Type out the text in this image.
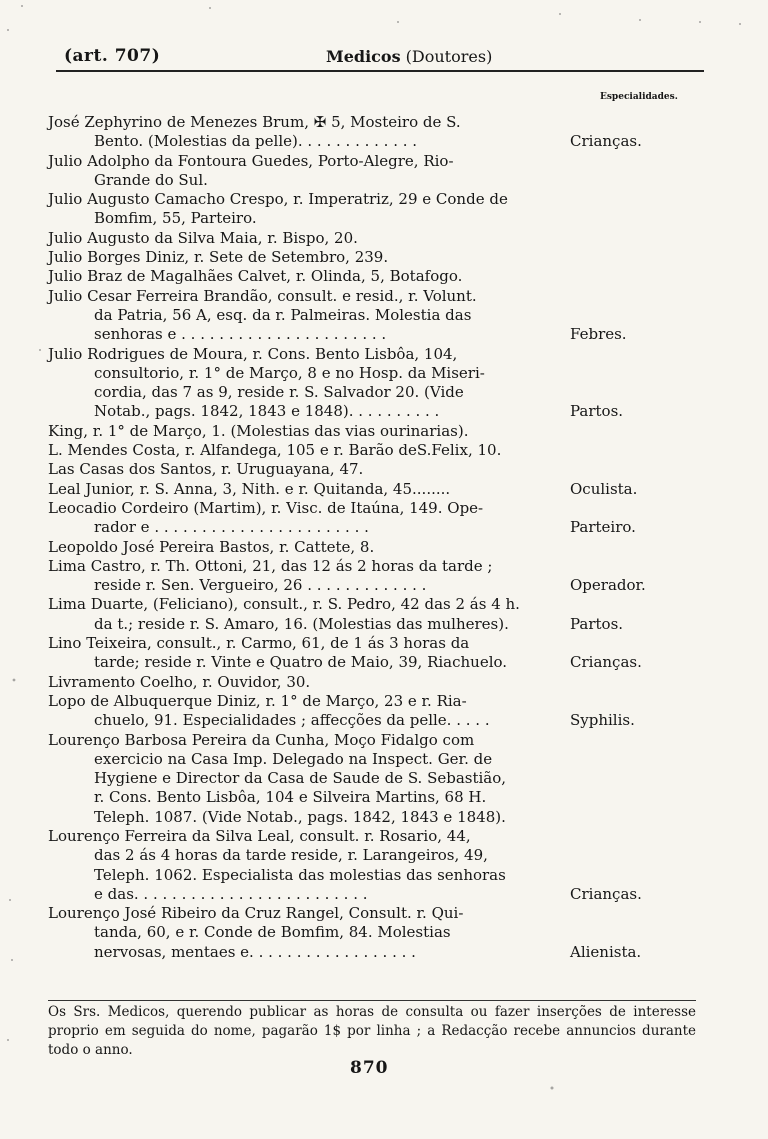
(art. 707)	Medicos (Doutores)
Especialidades.
José Zephyrino de Menezes Brum, ✠ 5, Mosteiro de S.
Bento. (Molestias da pelle). . . . . . . . . . . . .	Crianças.
Julio Adolpho da Fontoura Guedes, Porto-Alegre, Rio-
Grande do Sul.
Julio Augusto Camacho Crespo, r. Imperatriz, 29 e Conde de
Bomfim, 55, Parteiro.
Julio Augusto da Silva Maia, r. Bispo, 20.
Julio Borges Diniz, r. Sete de Setembro, 239.
Julio Braz de Magalhães Calvet, r. Olinda, 5, Botafogo.
Julio Cesar Ferreira Brandão, consult. e resid., r. Volunt.
da Patria, 56 A, esq. da r. Palmeiras. Molestia das
senhoras e . . . . . . . . . . . . . . . . . . . . . .	Febres.
Julio Rodrigues de Moura, r. Cons. Bento Lisbôa, 104,
consultorio, r. 1° de Março, 8 e no Hosp. da Miseri-
cordia, das 7 as 9, reside r. S. Salvador 20. (Vide
Notab., pags. 1842, 1843 e 1848). . . . . . . . . .	Partos.
King, r. 1° de Março, 1. (Molestias das vias ourinarias).
L. Mendes Costa, r. Alfandega, 105 e r. Barão deS.Felix, 10.
Las Casas dos Santos, r. Uruguayana, 47.
Leal Junior, r. S. Anna, 3, Nith. e r. Quitanda, 45........	Oculista.
Leocadio Cordeiro (Martim), r. Visc. de Itaúna, 149. Ope-
rador e . . . . . . . . . . . . . . . . . . . . . . .	Parteiro.
Leopoldo José Pereira Bastos, r. Cattete, 8.
Lima Castro, r. Th. Ottoni, 21, das 12 ás 2 horas da tarde ;
reside r. Sen. Vergueiro, 26 . . . . . . . . . . . . .	Operador.
Lima Duarte, (Feliciano), consult., r. S. Pedro, 42 das 2 ás 4 h.
da t.; reside r. S. Amaro, 16. (Molestias das mulheres).	Partos.
Lino Teixeira, consult., r. Carmo, 61, de 1 ás 3 horas da
tarde; reside r. Vinte e Quatro de Maio, 39, Riachuelo.	Crianças.
Livramento Coelho, r. Ouvidor, 30.
Lopo de Albuquerque Diniz, r. 1° de Março, 23 e r. Ria-
chuelo, 91. Especialidades ; affecções da pelle. . . . .	Syphilis.
Lourenço Barbosa Pereira da Cunha, Moço Fidalgo com
exercicio na Casa Imp. Delegado na Inspect. Ger. de
Hygiene e Director da Casa de Saude de S. Sebastião,
r. Cons. Bento Lisbôa, 104 e Silveira Martins, 68 H.
Teleph. 1087. (Vide Notab., pags. 1842, 1843 e 1848).
Lourenço Ferreira da Silva Leal, consult. r. Rosario, 44,
das 2 ás 4 horas da tarde reside, r. Larangeiros, 49,
Teleph. 1062. Especialista das molestias das senhoras
e das. . . . . . . . . . . . . . . . . . . . . . . . .	Crianças.
Lourenço José Ribeiro da Cruz Rangel, Consult. r. Qui-
tanda, 60, e r. Conde de Bomfim, 84. Molestias
nervosas, mentaes e. . . . . . . . . . . . . . . . . .	Alienista.
Os Srs. Medicos, querendo publicar as horas de consulta ou fazer inserções de interesse proprio em seguida do nome, pagarão 1$ por linha ; a Redacção recebe annuncios durante todo o anno.
870
